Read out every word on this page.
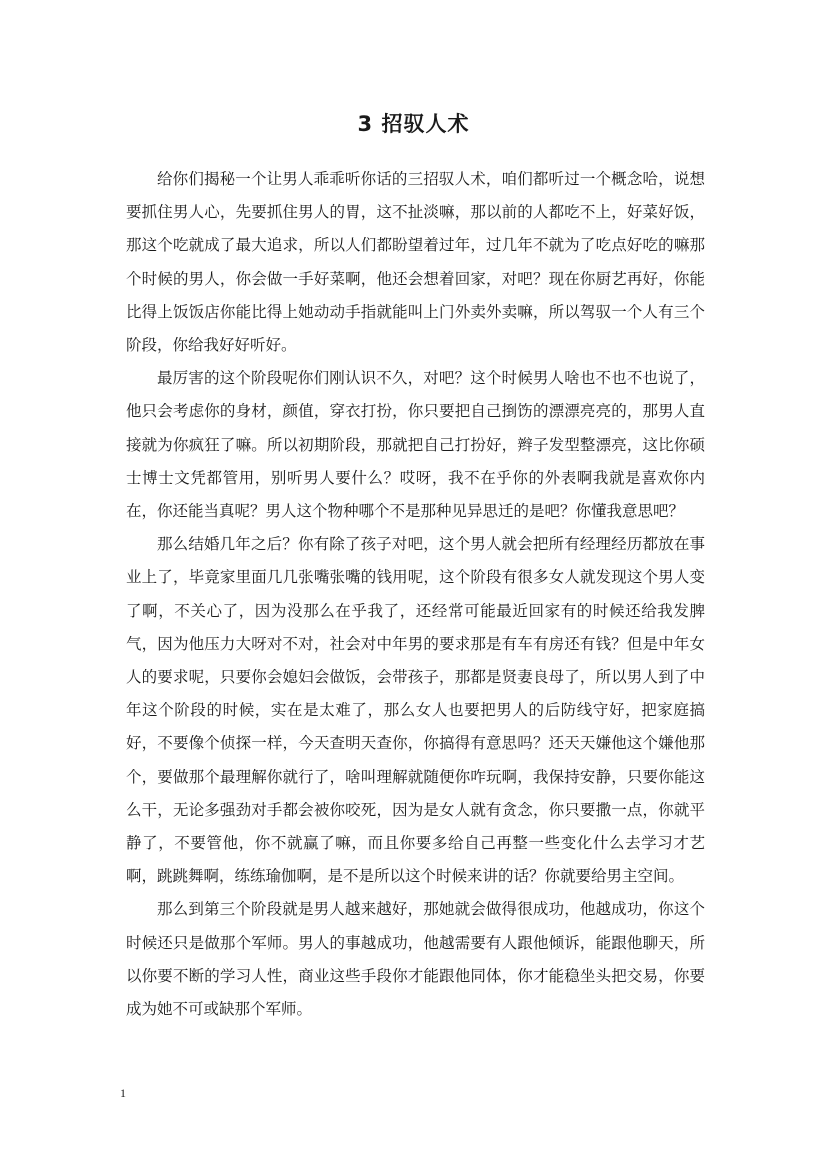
3 招驭人术

给你们揭秘一个让男人乖乖听你话的三招驭人术，咱们都听过一个概念哈，说想要抓住男人心，先要抓住男人的胃，这不扯淡嘛，那以前的人都吃不上，好菜好饭，那这个吃就成了最大追求，所以人们都盼望着过年，过几年不就为了吃点好吃的嘛那个时候的男人，你会做一手好菜啊，他还会想着回家，对吧？现在你厨艺再好，你能比得上饭饭店你能比得上她动动手指就能叫上门外卖外卖嘛，所以驾驭一个人有三个阶段，你给我好好听好。

最厉害的这个阶段呢你们刚认识不久，对吧？这个时候男人啥也不也不也说了，他只会考虑你的身材，颜值，穿衣打扮，你只要把自己捯饬的漂漂亮亮的，那男人直接就为你疯狂了嘛。所以初期阶段，那就把自己打扮好，辫子发型整漂亮，这比你硕士博士文凭都管用，别听男人要什么？哎呀，我不在乎你的外表啊我就是喜欢你内在，你还能当真呢？男人这个物种哪个不是那种见异思迁的是吧？你懂我意思吧？

那么结婚几年之后？你有除了孩子对吧，这个男人就会把所有经理经历都放在事业上了，毕竟家里面几几张嘴张嘴的钱用呢，这个阶段有很多女人就发现这个男人变了啊，不关心了，因为没那么在乎我了，还经常可能最近回家有的时候还给我发脾气，因为他压力大呀对不对，社会对中年男的要求那是有车有房还有钱？但是中年女人的要求呢，只要你会媳妇会做饭，会带孩子，那都是贤妻良母了，所以男人到了中年这个阶段的时候，实在是太难了，那么女人也要把男人的后防线守好，把家庭搞好，不要像个侦探一样，今天查明天查你，你搞得有意思吗？还天天嫌他这个嫌他那个，要做那个最理解你就行了，啥叫理解就随便你咋玩啊，我保持安静，只要你能这么干，无论多强劲对手都会被你咬死，因为是女人就有贪念，你只要撒一点，你就平静了，不要管他，你不就赢了嘛，而且你要多给自己再整一些变化什么去学习才艺啊，跳跳舞啊，练练瑜伽啊，是不是所以这个时候来讲的话？你就要给男主空间。

那么到第三个阶段就是男人越来越好，那她就会做得很成功，他越成功，你这个时候还只是做那个军师。男人的事越成功，他越需要有人跟他倾诉，能跟他聊天，所以你要不断的学习人性，商业这些手段你才能跟他同体，你才能稳坐头把交易，你要成为她不可或缺那个军师。

1
